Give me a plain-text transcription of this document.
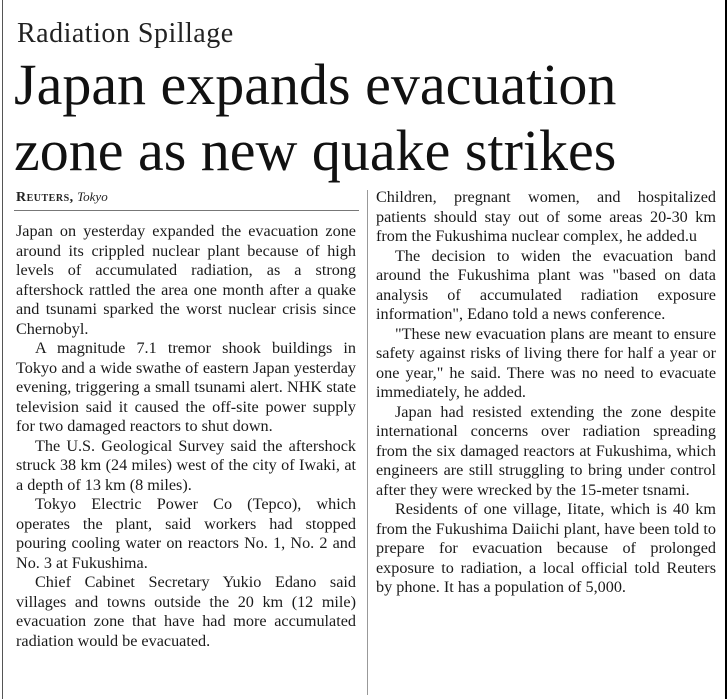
Radiation Spillage
Japan expands evacuation
zone as new quake strikes
Reuters, Tokyo

Japan on yesterday expanded the evacuation zone around its crippled nuclear plant because of high levels of accumulated radiation, as a strong aftershock rattled the area one month after a quake and tsunami sparked the worst nuclear crisis since Chernobyl.

A magnitude 7.1 tremor shook buildings in Tokyo and a wide swathe of eastern Japan yesterday evening, triggering a small tsunami alert. NHK state television said it caused the off-site power supply for two damaged reactors to shut down.

The U.S. Geological Survey said the aftershock struck 38 km (24 miles) west of the city of Iwaki, at a depth of 13 km (8 miles).

Tokyo Electric Power Co (Tepco), which operates the plant, said workers had stopped pouring cooling water on reactors No. 1, No. 2 and No. 3 at Fukushima.

Chief Cabinet Secretary Yukio Edano said villages and towns outside the 20 km (12 mile) evacuation zone that have had more accumulated radiation would be evacuated.

Children, pregnant women, and hospitalized patients should stay out of some areas 20-30 km from the Fukushima nuclear complex, he added.u

The decision to widen the evacuation band around the Fukushima plant was "based on data analysis of accumulated radiation exposure information", Edano told a news conference.

"These new evacuation plans are meant to ensure safety against risks of living there for half a year or one year," he said. There was no need to evacuate immediately, he added.

Japan had resisted extending the zone despite international concerns over radiation spreading from the six damaged reactors at Fukushima, which engineers are still struggling to bring under control after they were wrecked by the 15-meter tsnami.

Residents of one village, Iitate, which is 40 km from the Fukushima Daiichi plant, have been told to prepare for evacuation because of prolonged exposure to radiation, a local official told Reuters by phone. It has a population of 5,000.
